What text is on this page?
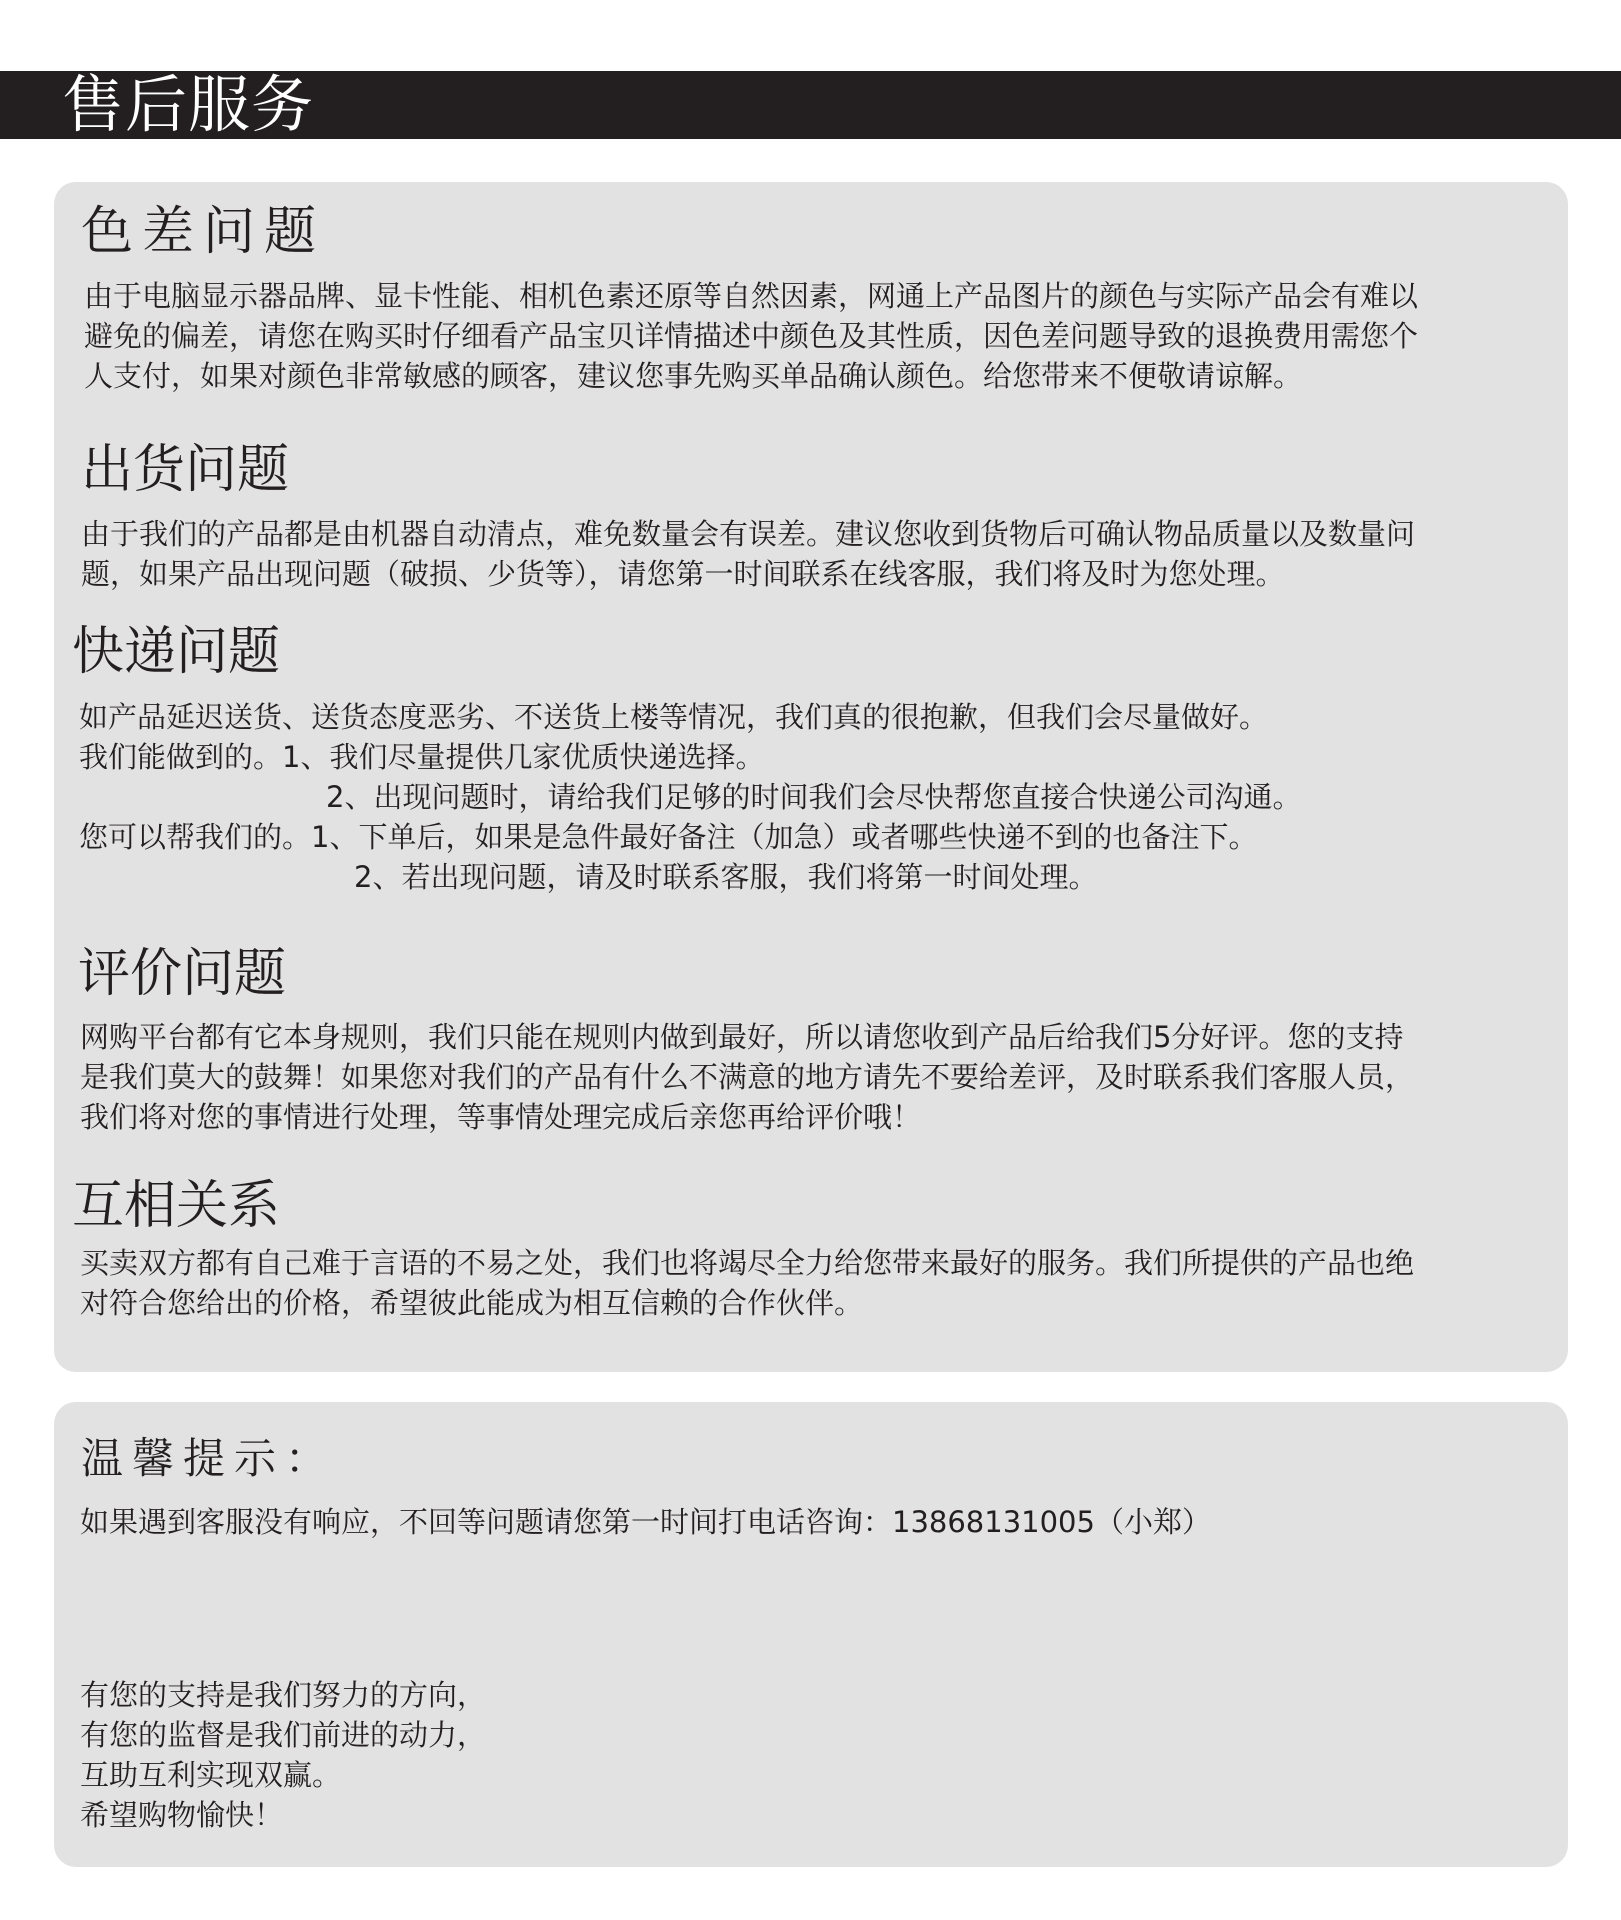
售后服务
色差问题
由于电脑显示器品牌、显卡性能、相机色素还原等自然因素，网通上产品图片的颜色与实际产品会有难以
避免的偏差，请您在购买时仔细看产品宝贝详情描述中颜色及其性质，因色差问题导致的退换费用需您个
人支付，如果对颜色非常敏感的顾客，建议您事先购买单品确认颜色。给您带来不便敬请谅解。
出货问题
由于我们的产品都是由机器自动清点，难免数量会有误差。建议您收到货物后可确认物品质量以及数量问
题，如果产品出现问题（破损、少货等），请您第一时间联系在线客服，我们将及时为您处理。
快递问题
如产品延迟送货、送货态度恶劣、不送货上楼等情况，我们真的很抱歉，但我们会尽量做好。
我们能做到的。1、我们尽量提供几家优质快递选择。
2、出现问题时，请给我们足够的时间我们会尽快帮您直接合快递公司沟通。
您可以帮我们的。1、下单后，如果是急件最好备注（加急）或者哪些快递不到的也备注下。
2、若出现问题，请及时联系客服，我们将第一时间处理。
评价问题
网购平台都有它本身规则，我们只能在规则内做到最好，所以请您收到产品后给我们5分好评。您的支持
是我们莫大的鼓舞！如果您对我们的产品有什么不满意的地方请先不要给差评，及时联系我们客服人员，
我们将对您的事情进行处理，等事情处理完成后亲您再给评价哦！
互相关系
买卖双方都有自己难于言语的不易之处，我们也将竭尽全力给您带来最好的服务。我们所提供的产品也绝
对符合您给出的价格，希望彼此能成为相互信赖的合作伙伴。
温馨提示：

如果遇到客服没有响应，不回等问题请您第一时间打电话咨询：13868131005（小郑）

有您的支持是我们努力的方向，
有您的监督是我们前进的动力，
互助互利实现双赢。
希望购物愉快！
